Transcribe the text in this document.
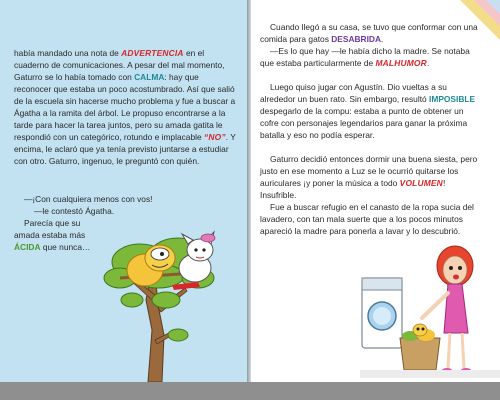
había mandado una nota de ADVERTENCIA en el cuaderno de comunicaciones. A pesar del mal momento, Gaturro se lo había tomado con CALMA: hay que reconocer que estaba un poco acostumbrado. Así que salió de la escuela sin hacerse mucho problema y fue a buscar a Ágatha a la ramita del árbol. Le propuso encontrarse a la tarde para hacer la tarea juntos, pero su amada gatita le respondió con un categórico, rotundo e implacable “NO”. Y encima, le aclaró que ya tenía previsto juntarse a estudiar con otro. Gaturro, ingenuo, le preguntó con quién.

—¡Con cualquiera menos con vos!

—le contestó Ágatha.

Parecía que su amada estaba más ÁCIDA que nunca…

Cuando llegó a su casa, se tuvo que conformar con una comida para gatos DESABRIDA.

—Es lo que hay —le había dicho la madre. Se notaba que estaba particularmente de MALHUMOR.

Luego quiso jugar con Agustín. Dio vueltas a su alrededor un buen rato. Sin embargo, resultó IMPOSIBLE despegarlo de la compu: estaba a punto de obtener un cofre con personajes legendarios para ganar la próxima batalla y eso no podía esperar.

Gaturro decidió entonces dormir una buena siesta, pero justo en ese momento a Luz se le ocurrió quitarse los auriculares ¡y poner la música a todo VOLUMEN! Insufrible.

Fue a buscar refugio en el canasto de la ropa sucia del lavadero, con tan mala suerte que a los pocos minutos apareció la madre para ponerla a lavar y lo descubrió.
